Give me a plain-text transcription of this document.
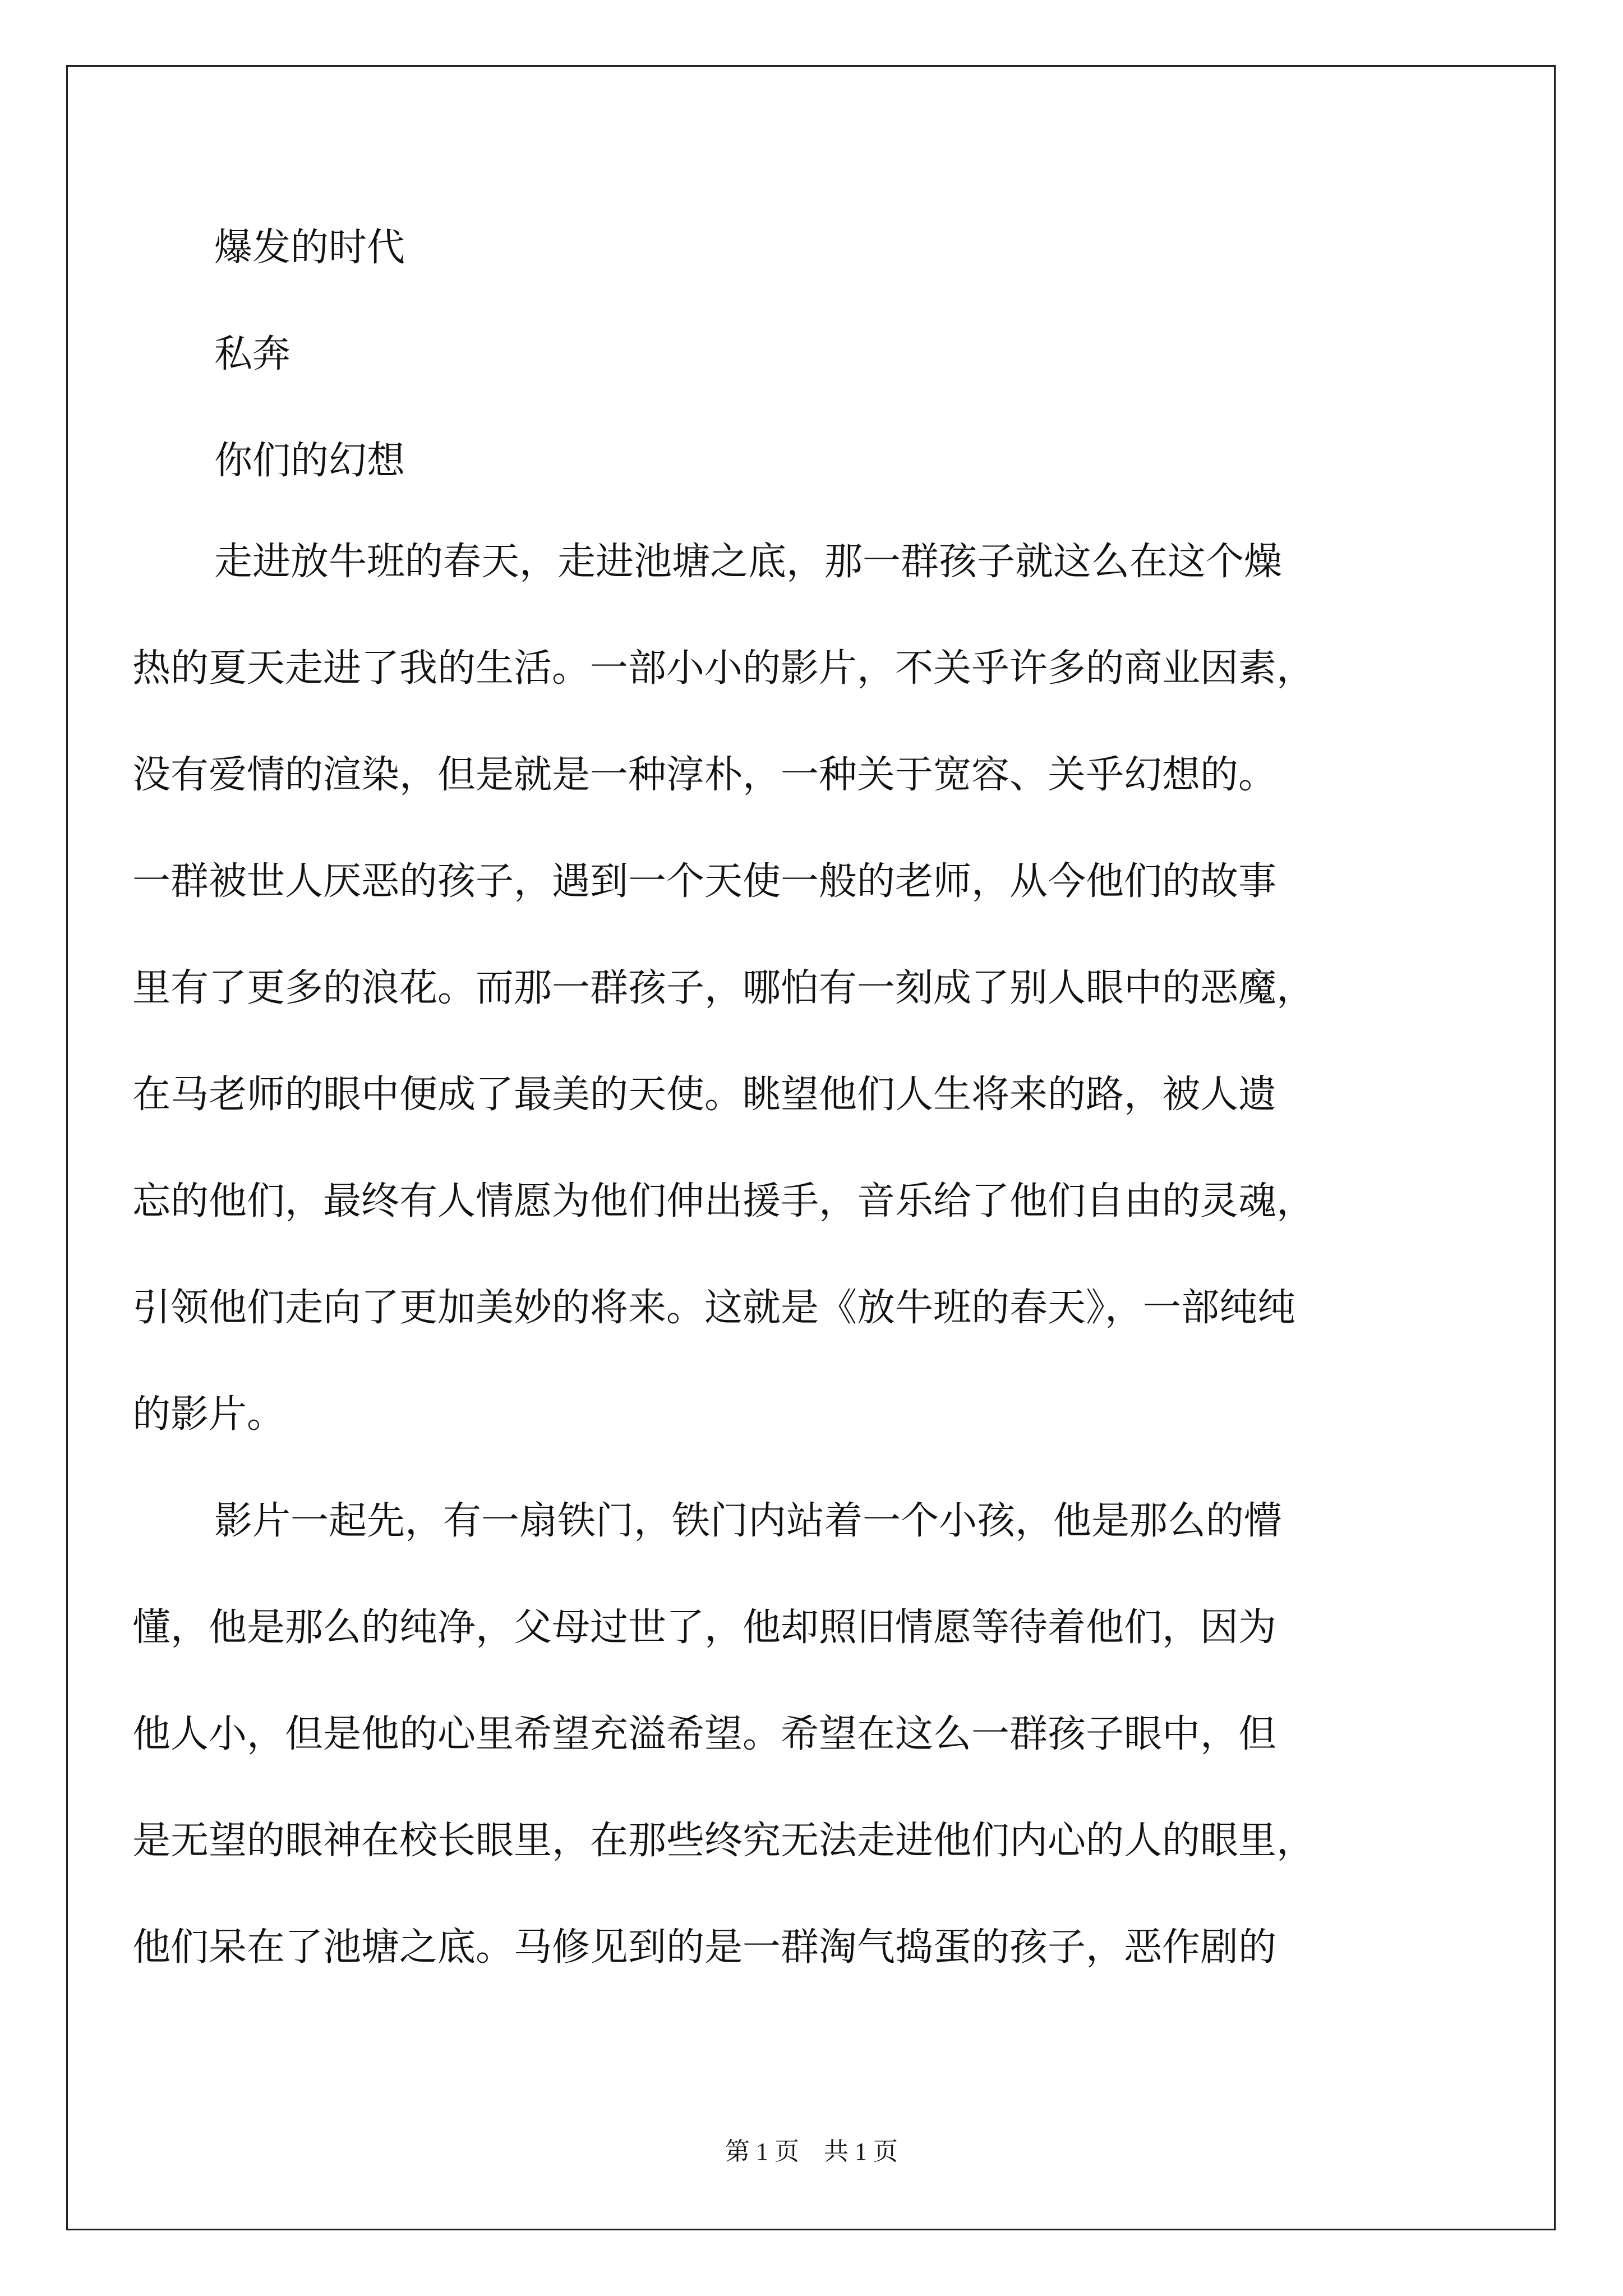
爆发的时代
私奔
你们的幻想
走进放牛班的春天，走进池塘之底，那一群孩子就这么在这个燥
热的夏天走进了我的生活。一部小小的影片，不关乎许多的商业因素，
没有爱情的渲染，但是就是一种淳朴，一种关于宽容、关乎幻想的。
一群被世人厌恶的孩子，遇到一个天使一般的老师，从今他们的故事
里有了更多的浪花。而那一群孩子，哪怕有一刻成了别人眼中的恶魔，
在马老师的眼中便成了最美的天使。眺望他们人生将来的路，被人遗
忘的他们，最终有人情愿为他们伸出援手，音乐给了他们自由的灵魂，
引领他们走向了更加美妙的将来。这就是《放牛班的春天》，一部纯纯
的影片。
影片一起先，有一扇铁门，铁门内站着一个小孩，他是那么的懵
懂，他是那么的纯净，父母过世了，他却照旧情愿等待着他们，因为
他人小，但是他的心里希望充溢希望。希望在这么一群孩子眼中，但
是无望的眼神在校长眼里，在那些终究无法走进他们内心的人的眼里，
他们呆在了池塘之底。马修见到的是一群淘气捣蛋的孩子，恶作剧的
第 1 页　共 1 页
